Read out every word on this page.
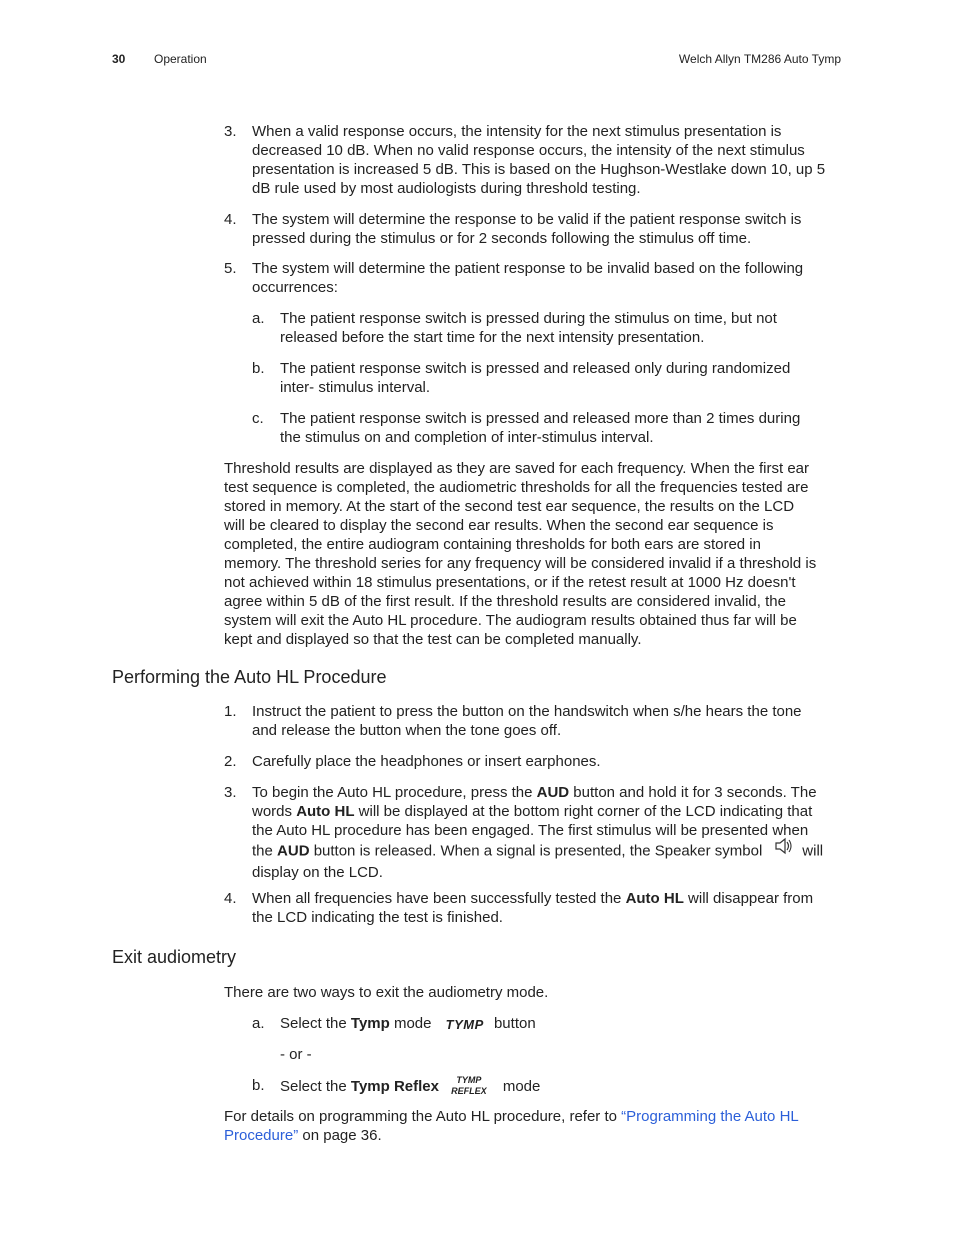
30 Operation	Welch Allyn TM286 Auto Tymp
3. When a valid response occurs, the intensity for the next stimulus presentation is
decreased 10 dB. When no valid response occurs, the intensity of the next stimulus
presentation is increased 5 dB. This is based on the Hughson-Westlake down 10, up 5
dB rule used by most audiologists during threshold testing.
4. The system will determine the response to be valid if the patient response switch is
pressed during the stimulus or for 2 seconds following the stimulus off time.
5. The system will determine the patient response to be invalid based on the following
occurrences:
a. The patient response switch is pressed during the stimulus on time, but not
released before the start time for the next intensity presentation.
b. The patient response switch is pressed and released only during randomized
inter- stimulus interval.
c. The patient response switch is pressed and released more than 2 times during
the stimulus on and completion of inter-stimulus interval.
Threshold results are displayed as they are saved for each frequency. When the first ear
test sequence is completed, the audiometric thresholds for all the frequencies tested are
stored in memory. At the start of the second test ear sequence, the results on the LCD
will be cleared to display the second ear results. When the second ear sequence is
completed, the entire audiogram containing thresholds for both ears are stored in
memory. The threshold series for any frequency will be considered invalid if a threshold is
not achieved within 18 stimulus presentations, or if the retest result at 1000 Hz doesn't
agree within 5 dB of the first result. If the threshold results are considered invalid, the
system will exit the Auto HL procedure. The audiogram results obtained thus far will be
kept and displayed so that the test can be completed manually.
Performing the Auto HL Procedure
1. Instruct the patient to press the button on the handswitch when s/he hears the tone
and release the button when the tone goes off.
2. Carefully place the headphones or insert earphones.
3. To begin the Auto HL procedure, press the AUD button and hold it for 3 seconds. The
words Auto HL will be displayed at the bottom right corner of the LCD indicating that
the Auto HL procedure has been engaged. The first stimulus will be presented when
the AUD button is released. When a signal is presented, the Speaker symbol	will
display on the LCD.
4. When all frequencies have been successfully tested the Auto HL will disappear from
the LCD indicating the test is finished.
Exit audiometry
There are two ways to exit the audiometry mode.
a. Select the Tymp mode TYMP button
- or -
b. Select the Tymp Reflex	TYMP
REFLEX mode
For details on programming the Auto HL procedure, refer to “Programming the Auto HL
Procedure” on page 36.
